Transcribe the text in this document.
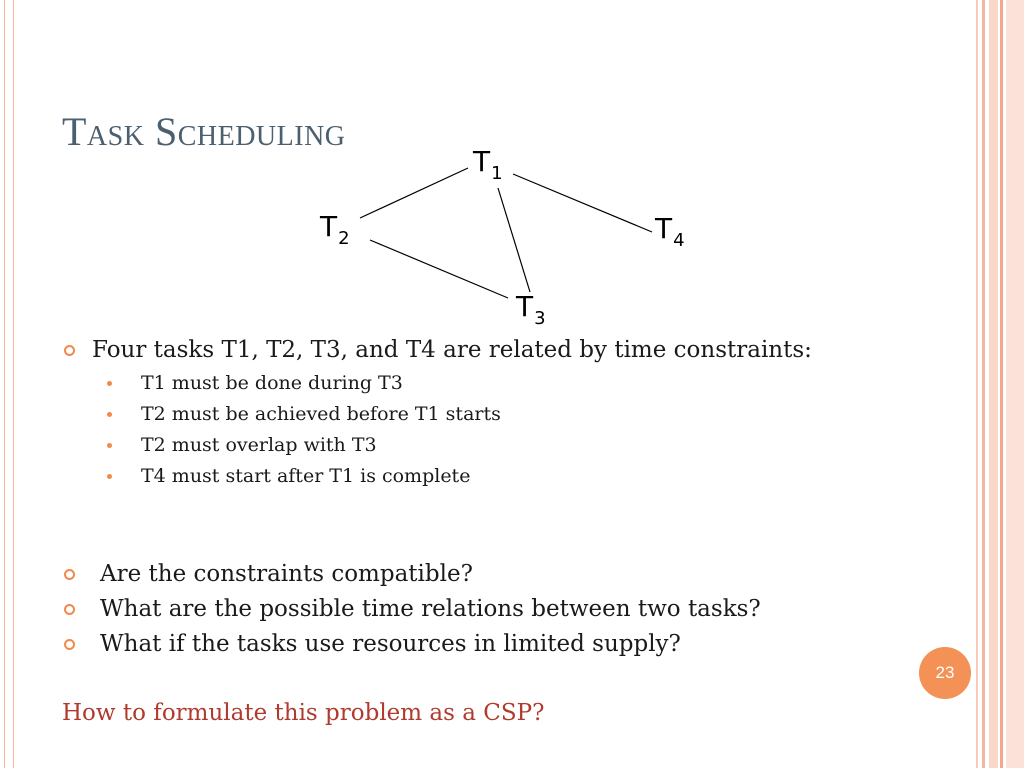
Task Scheduling
$T_1$
$T_2$
$T_3$
$T_4$
Four tasks T1, T2, T3, and T4 are related by time constraints:
T1 must be done during T3
T2 must be achieved before T1 starts
T2 must overlap with T3
T4 must start after T1 is complete
Are the constraints compatible?
What are the possible time relations between two tasks?
What if the tasks use resources in limited supply?
How to formulate this problem as a CSP?
23
